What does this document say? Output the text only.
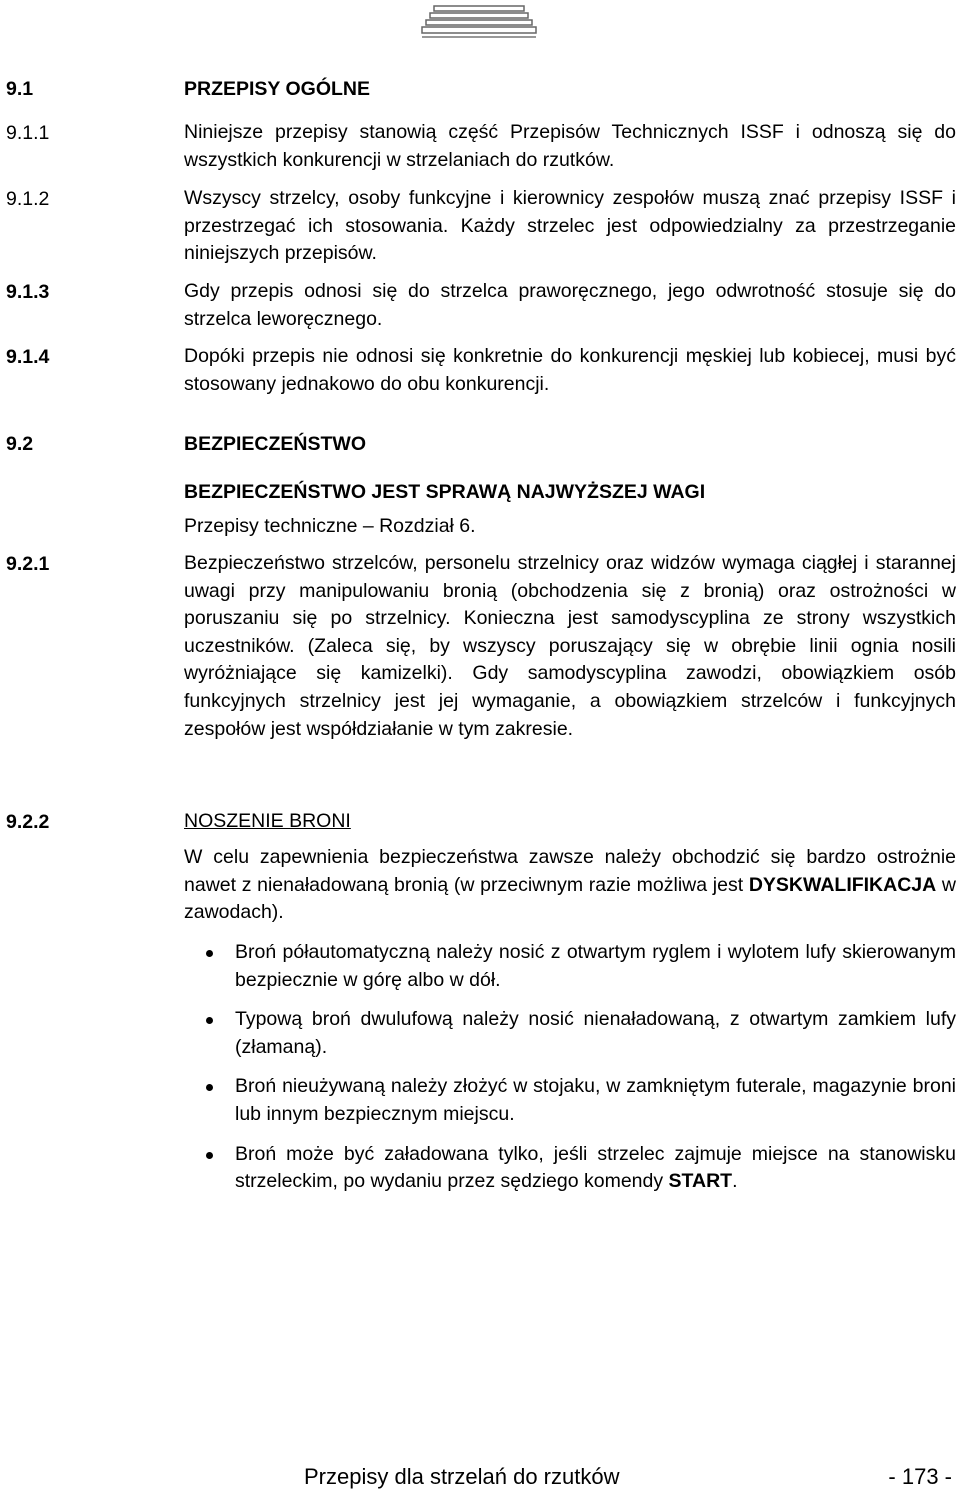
9.1	PRZEPISY OGÓLNE
9.1.1	Niniejsze przepisy stanowią część Przepisów Technicznych ISSF i odnoszą się do wszystkich konkurencji w strzelaniach do rzutków.
9.1.2	Wszyscy strzelcy, osoby funkcyjne i kierownicy zespołów muszą znać przepisy ISSF i przestrzegać ich stosowania. Każdy strzelec jest odpowiedzialny za przestrzeganie niniejszych przepisów.
9.1.3	Gdy przepis odnosi się do strzelca praworęcznego, jego odwrotność stosuje się do strzelca leworęcznego.
9.1.4	Dopóki przepis nie odnosi się konkretnie do konkurencji męskiej lub kobiecej, musi być stosowany jednakowo do obu konkurencji.
9.2	BEZPIECZEŃSTWO
BEZPIECZEŃSTWO JEST SPRAWĄ NAJWYŻSZEJ WAGI
Przepisy techniczne – Rozdział 6.
9.2.1	Bezpieczeństwo strzelców, personelu strzelnicy oraz widzów wymaga ciągłej i starannej uwagi przy manipulowaniu bronią (obchodzenia się z bronią) oraz ostrożności w poruszaniu się po strzelnicy. Konieczna jest samodyscyplina ze strony wszystkich uczestników. (Zaleca się, by wszyscy poruszający się w obrębie linii ognia nosili wyróżniające się kamizelki). Gdy samodyscyplina zawodzi, obowiązkiem osób funkcyjnych strzelnicy jest jej wymaganie, a obowiązkiem strzelców i funkcyjnych zespołów jest współdziałanie w tym zakresie.
9.2.2	NOSZENIE BRONI
W celu zapewnienia bezpieczeństwa zawsze należy obchodzić się bardzo ostrożnie nawet z nienaładowaną bronią (w przeciwnym razie możliwa jest DYSKWALIFIKACJA w zawodach).
Broń półautomatyczną należy nosić z otwartym ryglem i wylotem lufy skierowanym bezpiecznie w górę albo w dół.
Typową broń dwulufową należy nosić nienaładowaną, z otwartym zamkiem lufy (złamaną).
Broń nieużywaną należy złożyć w stojaku, w zamkniętym futerale, magazynie broni lub innym bezpiecznym miejscu.
Broń może być załadowana tylko, jeśli strzelec zajmuje miejsce na stanowisku strzeleckim, po wydaniu przez sędziego komendy START.
Przepisy dla strzelań do rzutków	- 173 -
